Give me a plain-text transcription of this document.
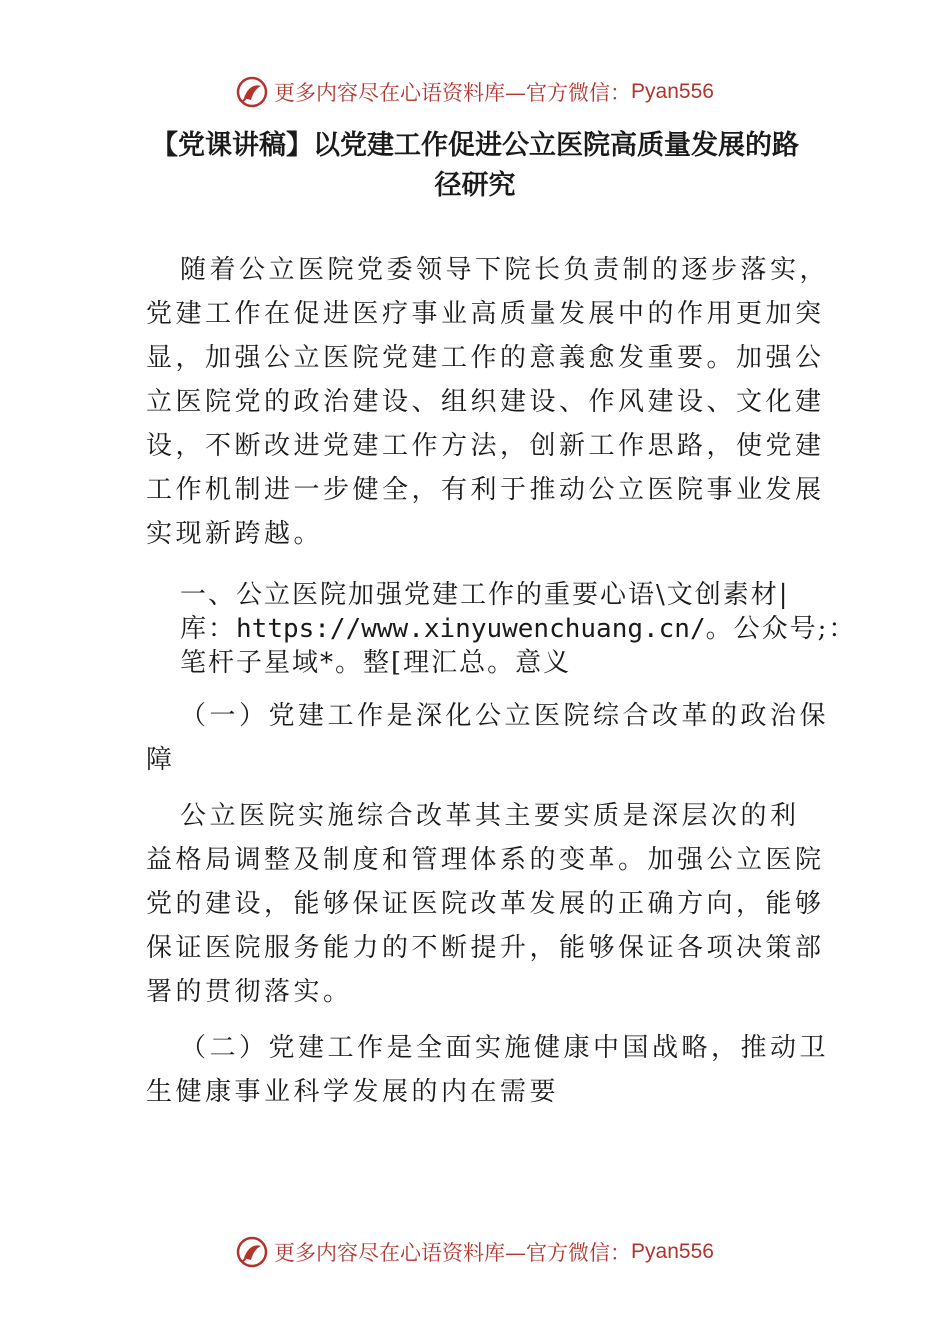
更多内容尽在心语资料库—官方微信： Pyan556
【党课讲稿】以党建工作促进公立医院高质量发展的路
径研究
随着公立医院党委领导下院长负责制的逐步落实，
党建工作在促进医疗事业高质量发展中的作用更加突
显，加强公立医院党建工作的意義愈发重要。加强公
立医院党的政治建设、组织建设、作风建设、文化建
设，不断改进党建工作方法，创新工作思路，使党建
工作机制进一步健全，有利于推动公立医院事业发展
实现新跨越。
一、公立医院加强党建工作的重要心语\文创素材|
库：https://www.xinyuwenchuang.cn/。公众号;：
笔杆子星域*。整[理汇总。意义
（一）党建工作是深化公立医院综合改革的政治保
障
公立医院实施综合改革其主要实质是深层次的利
益格局调整及制度和管理体系的变革。加强公立医院
党的建设，能够保证医院改革发展的正确方向，能够
保证医院服务能力的不断提升，能够保证各项决策部
署的贯彻落实。
（二）党建工作是全面实施健康中国战略，推动卫
生健康事业科学发展的内在需要
更多内容尽在心语资料库—官方微信： Pyan556
